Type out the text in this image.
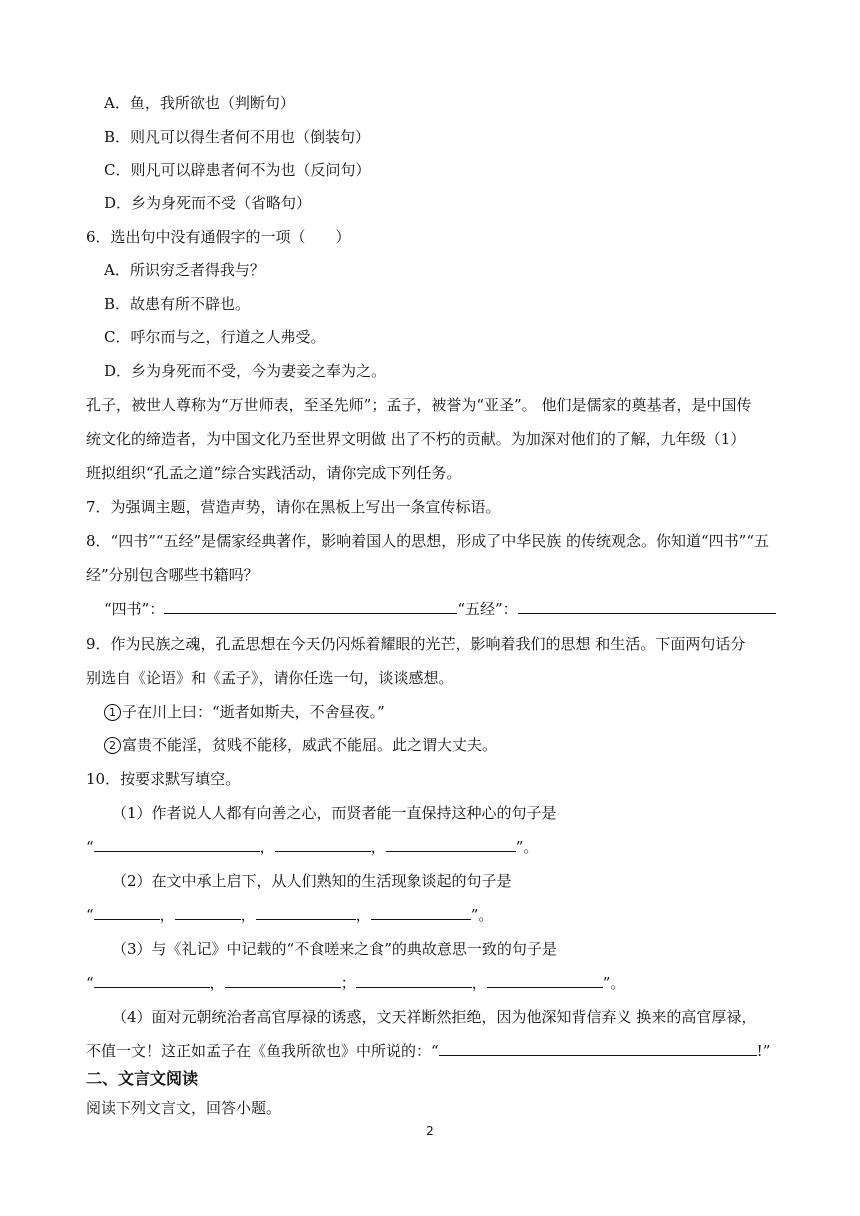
A．鱼，我所欲也（判断句）
B．则凡可以得生者何不用也（倒装句）
C．则凡可以辟患者何不为也（反问句）
D．乡为身死而不受（省略句）
6．选出句中没有通假字的一项（　　）
A．所识穷乏者得我与？
B．故患有所不辟也。
C．呼尔而与之，行道之人弗受。
D．乡为身死而不受，今为妻妾之奉为之。
孔子，被世人尊称为“万世师表，至圣先师”；孟子，被誉为“亚圣”。 他们是儒家的奠基者，是中国传
统文化的缔造者，为中国文化乃至世界文明做 出了不朽的贡献。为加深对他们的了解，九年级（1）
班拟组织“孔孟之道”综合实践活动，请你完成下列任务。
7．为强调主题，营造声势，请你在黑板上写出一条宣传标语。
8．“四书”“五经”是儒家经典著作，影响着国人的思想，形成了中华民族 的传统观念。你知道“四书”“五
经”分别包含哪些书籍吗？
“四书”：	“五经”：
9．作为民族之魂，孔孟思想在今天仍闪烁着耀眼的光芒，影响着我们的思想 和生活。下面两句话分
别选自《论语》和《孟子》，请你任选一句，谈谈感想。
1 子在川上曰：“逝者如斯夫，不舍昼夜。”
2 富贵不能淫，贫贱不能移，威武不能屈。此之谓大丈夫。
10．按要求默写填空。
（1）作者说人人都有向善之心，而贤者能一直保持这种心的句子是
“	，	，	”。
（2）在文中承上启下，从人们熟知的生活现象谈起的句子是
“	，	，	，	”。
（3）与《礼记》中记载的“不食嗟来之食”的典故意思一致的句子是
“	，	；	，	”。
（4）面对元朝统治者高官厚禄的诱惑，文天祥断然拒绝，因为他深知背信弃义 换来的高官厚禄，
不值一文！这正如孟子在《鱼我所欲也》中所说的：“	!”
二、文言文阅读
阅读下列文言文，回答小题。
2
